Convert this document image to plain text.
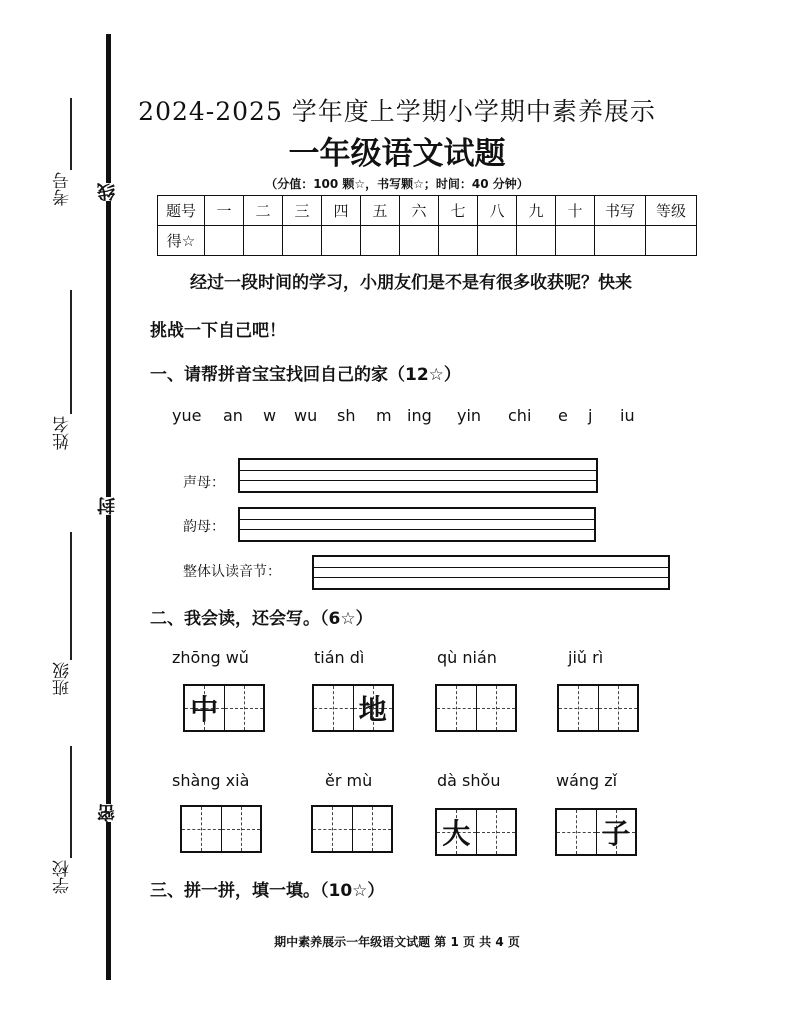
考号
姓名
班级
学校
线
封
密
2024-2025 学年度上学期小学期中素养展示
一年级语文试题
（分值：100 颗☆，书写颗☆；时间：40 分钟）
题号	一	二	三	四	五	六	七	八	九	十	书写	等级
得☆												
经过一段时间的学习，小朋友们是不是有很多收获呢？快来
挑战一下自己吧！
一、请帮拼音宝宝找回自己的家（12☆）
yue an w wu sh m ing yin chi e j iu
声母：
韵母：
整体认读音节：
二、我会读，还会写。（6☆）
zhōng wǔ
中
tián dì
地
qù nián	jiǔ rì
shàng xià	ěr mù	dà shǒu
大
wáng zǐ
子
三、拼一拼，填一填。（10☆）
期中素养展示一年级语文试题 第 1 页 共 4 页
